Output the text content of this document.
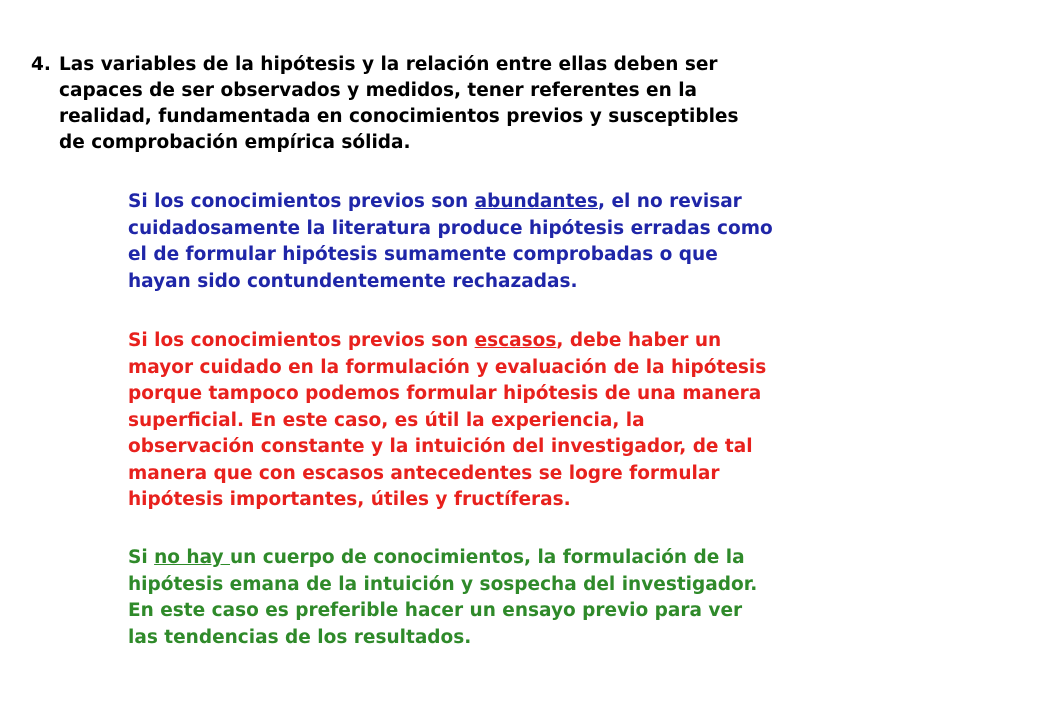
4. Las variables de la hipótesis y la relación entre ellas deben ser
capaces de ser observados y medidos, tener referentes en la
realidad, fundamentada en conocimientos previos y susceptibles
de comprobación empírica sólida.
Si los conocimientos previos son abundantes, el no revisar
cuidadosamente la literatura produce hipótesis erradas como
el de formular hipótesis sumamente comprobadas o que
hayan sido contundentemente rechazadas.
Si los conocimientos previos son escasos, debe haber un
mayor cuidado en la formulación y evaluación de la hipótesis
porque tampoco podemos formular hipótesis de una manera
superficial. En este caso, es útil la experiencia, la
observación constante y la intuición del investigador, de tal
manera que con escasos antecedentes se logre formular
hipótesis importantes, útiles y fructíferas.
Si no hay un cuerpo de conocimientos, la formulación de la
hipótesis emana de la intuición y sospecha del investigador.
En este caso es preferible hacer un ensayo previo para ver
las tendencias de los resultados.
